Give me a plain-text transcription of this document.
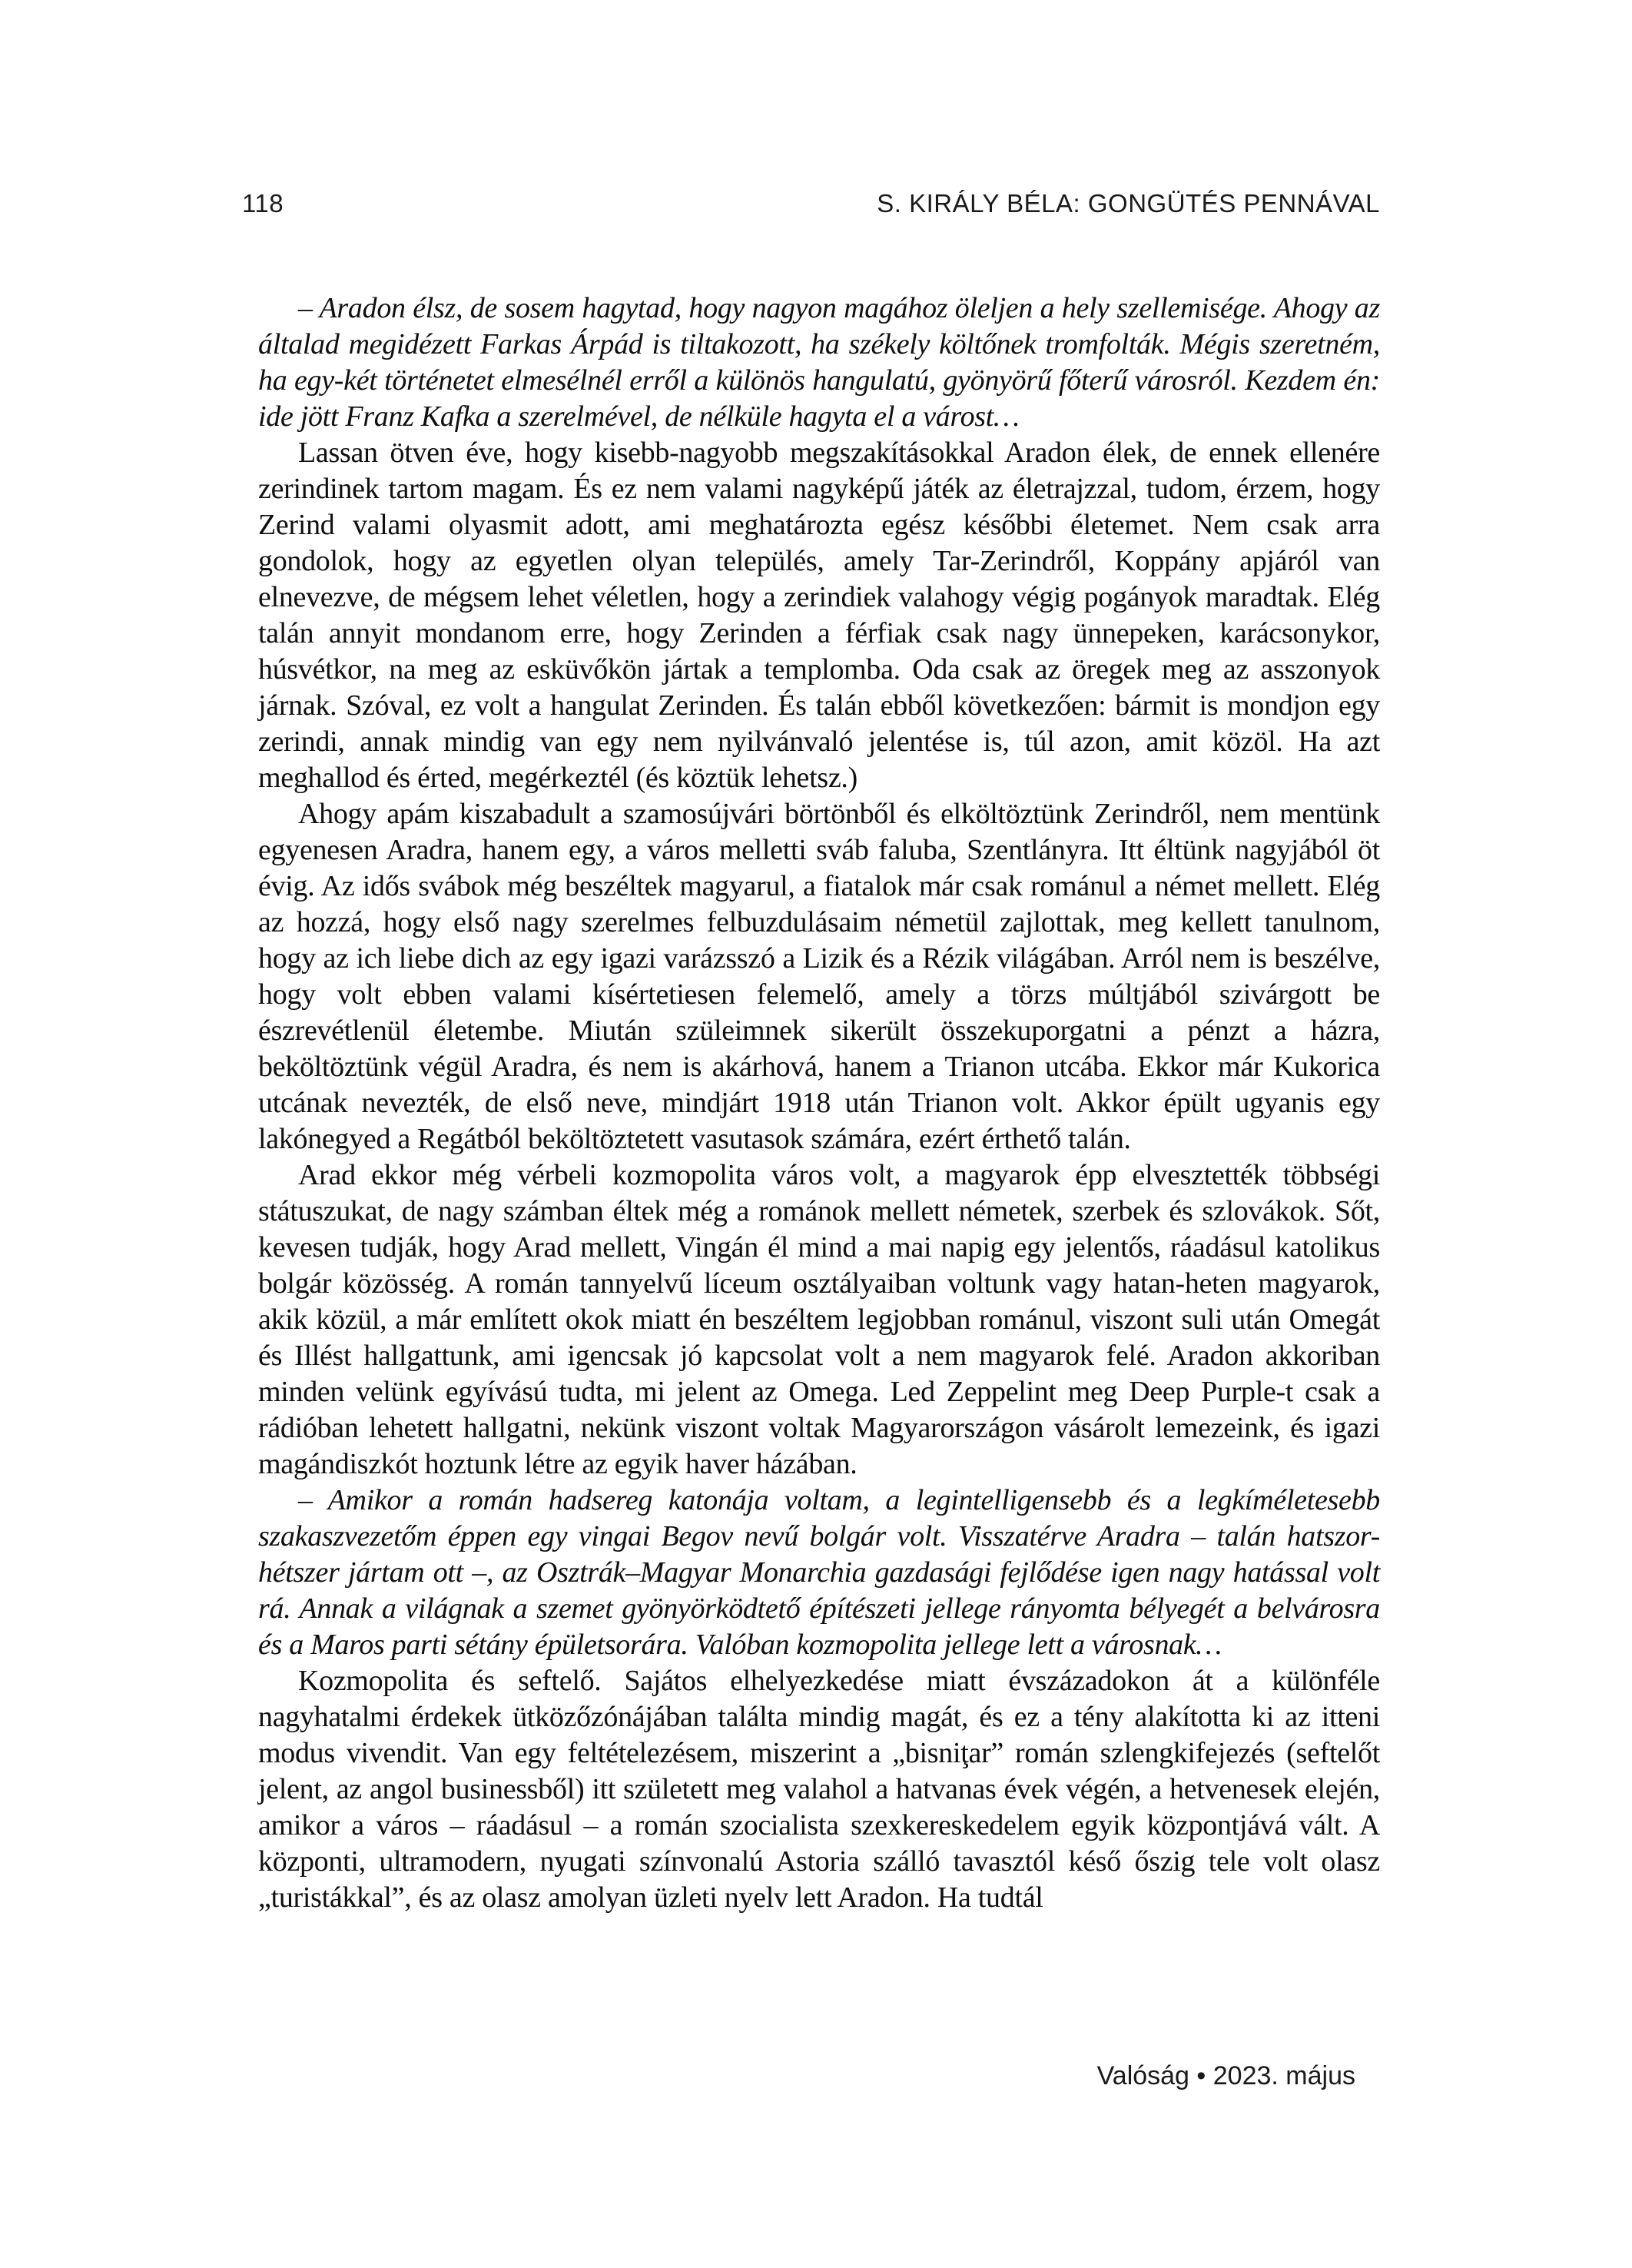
118	S. KIRÁLY BÉLA: GONGÜTÉS PENNÁVAL

– Aradon élsz, de sosem hagytad, hogy nagyon magához öleljen a hely szellemisége. Ahogy az általad megidézett Farkas Árpád is tiltakozott, ha székely költőnek tromfolták. Mégis szeretném, ha egy-két történetet elmesélnél erről a különös hangulatú, gyönyörű főterű városról. Kezdem én: ide jött Franz Kafka a szerelmével, de nélküle hagyta el a várost…

Lassan ötven éve, hogy kisebb-nagyobb megszakításokkal Aradon élek, de ennek ellenére zerindinek tartom magam. És ez nem valami nagyképű játék az életrajzzal, tudom, érzem, hogy Zerind valami olyasmit adott, ami meghatározta egész későbbi életemet. Nem csak arra gondolok, hogy az egyetlen olyan település, amely Tar-Zerindről, Koppány apjáról van elnevezve, de mégsem lehet véletlen, hogy a zerindiek valahogy végig pogányok maradtak. Elég talán annyit mondanom erre, hogy Zerinden a férfiak csak nagy ünnepeken, karácsonykor, húsvétkor, na meg az esküvőkön jártak a templomba. Oda csak az öregek meg az asszonyok járnak. Szóval, ez volt a hangulat Zerinden. És talán ebből következően: bármit is mondjon egy zerindi, annak mindig van egy nem nyilvánvaló jelentése is, túl azon, amit közöl. Ha azt meghallod és érted, megérkeztél (és köztük lehetsz.)

Ahogy apám kiszabadult a szamosújvári börtönből és elköltöztünk Zerindről, nem mentünk egyenesen Aradra, hanem egy, a város melletti sváb faluba, Szentlányra. Itt éltünk nagyjából öt évig. Az idős svábok még beszéltek magyarul, a fiatalok már csak románul a német mellett. Elég az hozzá, hogy első nagy szerelmes felbuzdulásaim németül zajlottak, meg kellett tanulnom, hogy az ich liebe dich az egy igazi varázsszó a Lizik és a Rézik világában. Arról nem is beszélve, hogy volt ebben valami kísértetiesen felemelő, amely a törzs múltjából szivárgott be észrevétlenül életembe. Miután szüleimnek sikerült összekuporgatni a pénzt a házra, beköltöztünk végül Aradra, és nem is akárhová, hanem a Trianon utcába. Ekkor már Kukorica utcának nevezték, de első neve, mindjárt 1918 után Trianon volt. Akkor épült ugyanis egy lakónegyed a Regátból beköltöztetett vasutasok számára, ezért érthető talán.

Arad ekkor még vérbeli kozmopolita város volt, a magyarok épp elvesztették többségi státuszukat, de nagy számban éltek még a románok mellett németek, szerbek és szlovákok. Sőt, kevesen tudják, hogy Arad mellett, Vingán él mind a mai napig egy jelentős, ráadásul katolikus bolgár közösség. A román tannyelvű líceum osztályaiban voltunk vagy hatan-heten magyarok, akik közül, a már említett okok miatt én beszéltem legjobban románul, viszont suli után Omegát és Illést hallgattunk, ami igencsak jó kapcsolat volt a nem magyarok felé. Aradon akkoriban minden velünk egyívású tudta, mi jelent az Omega. Led Zeppelint meg Deep Purple-t csak a rádióban lehetett hallgatni, nekünk viszont voltak Magyarországon vásárolt lemezeink, és igazi magándiszkót hoztunk létre az egyik haver házában.

– Amikor a román hadsereg katonája voltam, a legintelligensebb és a legkíméletesebb szakaszvezetőm éppen egy vingai Begov nevű bolgár volt. Visszatérve Aradra – talán hatszor-hétszer jártam ott –, az Osztrák–Magyar Monarchia gazdasági fejlődése igen nagy hatással volt rá. Annak a világnak a szemet gyönyörködtető építészeti jellege rányomta bélyegét a belvárosra és a Maros parti sétány épületsorára. Valóban kozmopolita jellege lett a városnak…

Kozmopolita és seftelő. Sajátos elhelyezkedése miatt évszázadokon át a különféle nagyhatalmi érdekek ütközőzónájában találta mindig magát, és ez a tény alakította ki az itteni modus vivendit. Van egy feltételezésem, miszerint a „bisniţar” román szlengkifejezés (seftelőt jelent, az angol businessből) itt született meg valahol a hatvanas évek végén, a hetvenesek elején, amikor a város – ráadásul – a román szocialista szexkereskedelem egyik központjává vált. A központi, ultramodern, nyugati színvonalú Astoria szálló tavasztól késő őszig tele volt olasz „turistákkal”, és az olasz amolyan üzleti nyelv lett Aradon. Ha tudtál

Valóság • 2023. május
